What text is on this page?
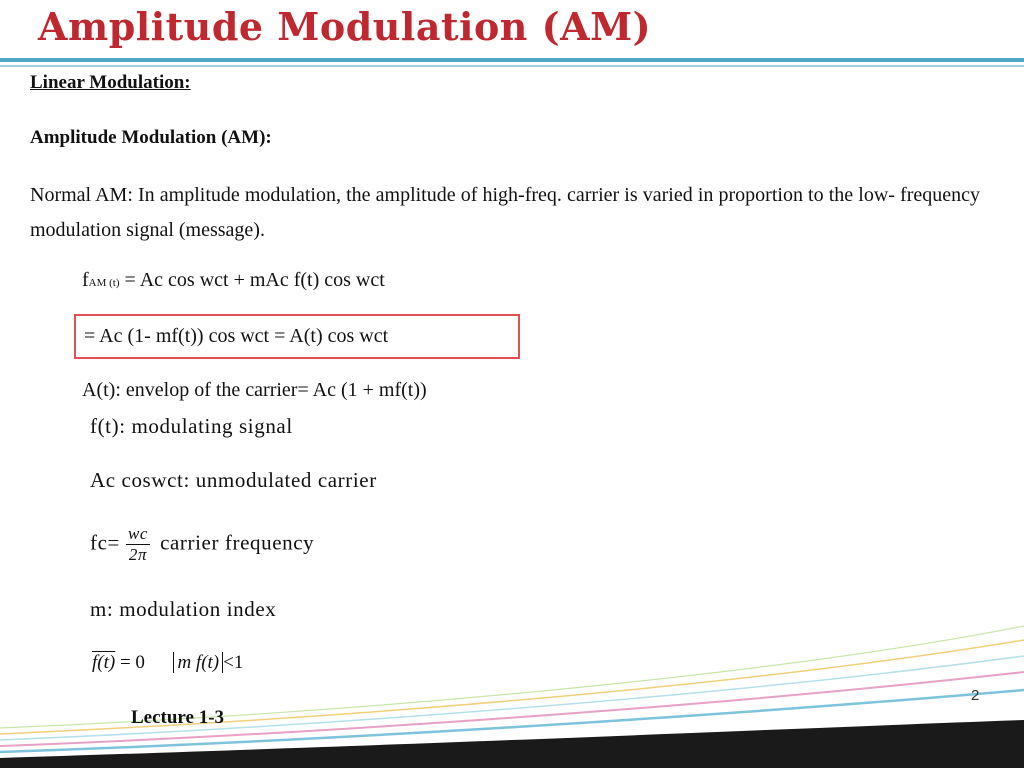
Amplitude Modulation (AM)

Linear Modulation:

Amplitude Modulation (AM):

Normal AM: In amplitude modulation, the amplitude of high-freq. carrier is varied in proportion to the low- frequency modulation signal (message).

fAM (t) = Ac cos wct + mAc f(t) cos wct

= Ac (1- mf(t)) cos wct = A(t) cos wct

A(t): envelop of the carrier= Ac (1 + mf(t))

f(t): modulating signal

Ac coswct: unmodulated carrier

$fc= \frac{wc}{2\pi}$ carrier frequency

m: modulation index

f(t) = 0 m f(t) <1

2

Lecture 1-3
